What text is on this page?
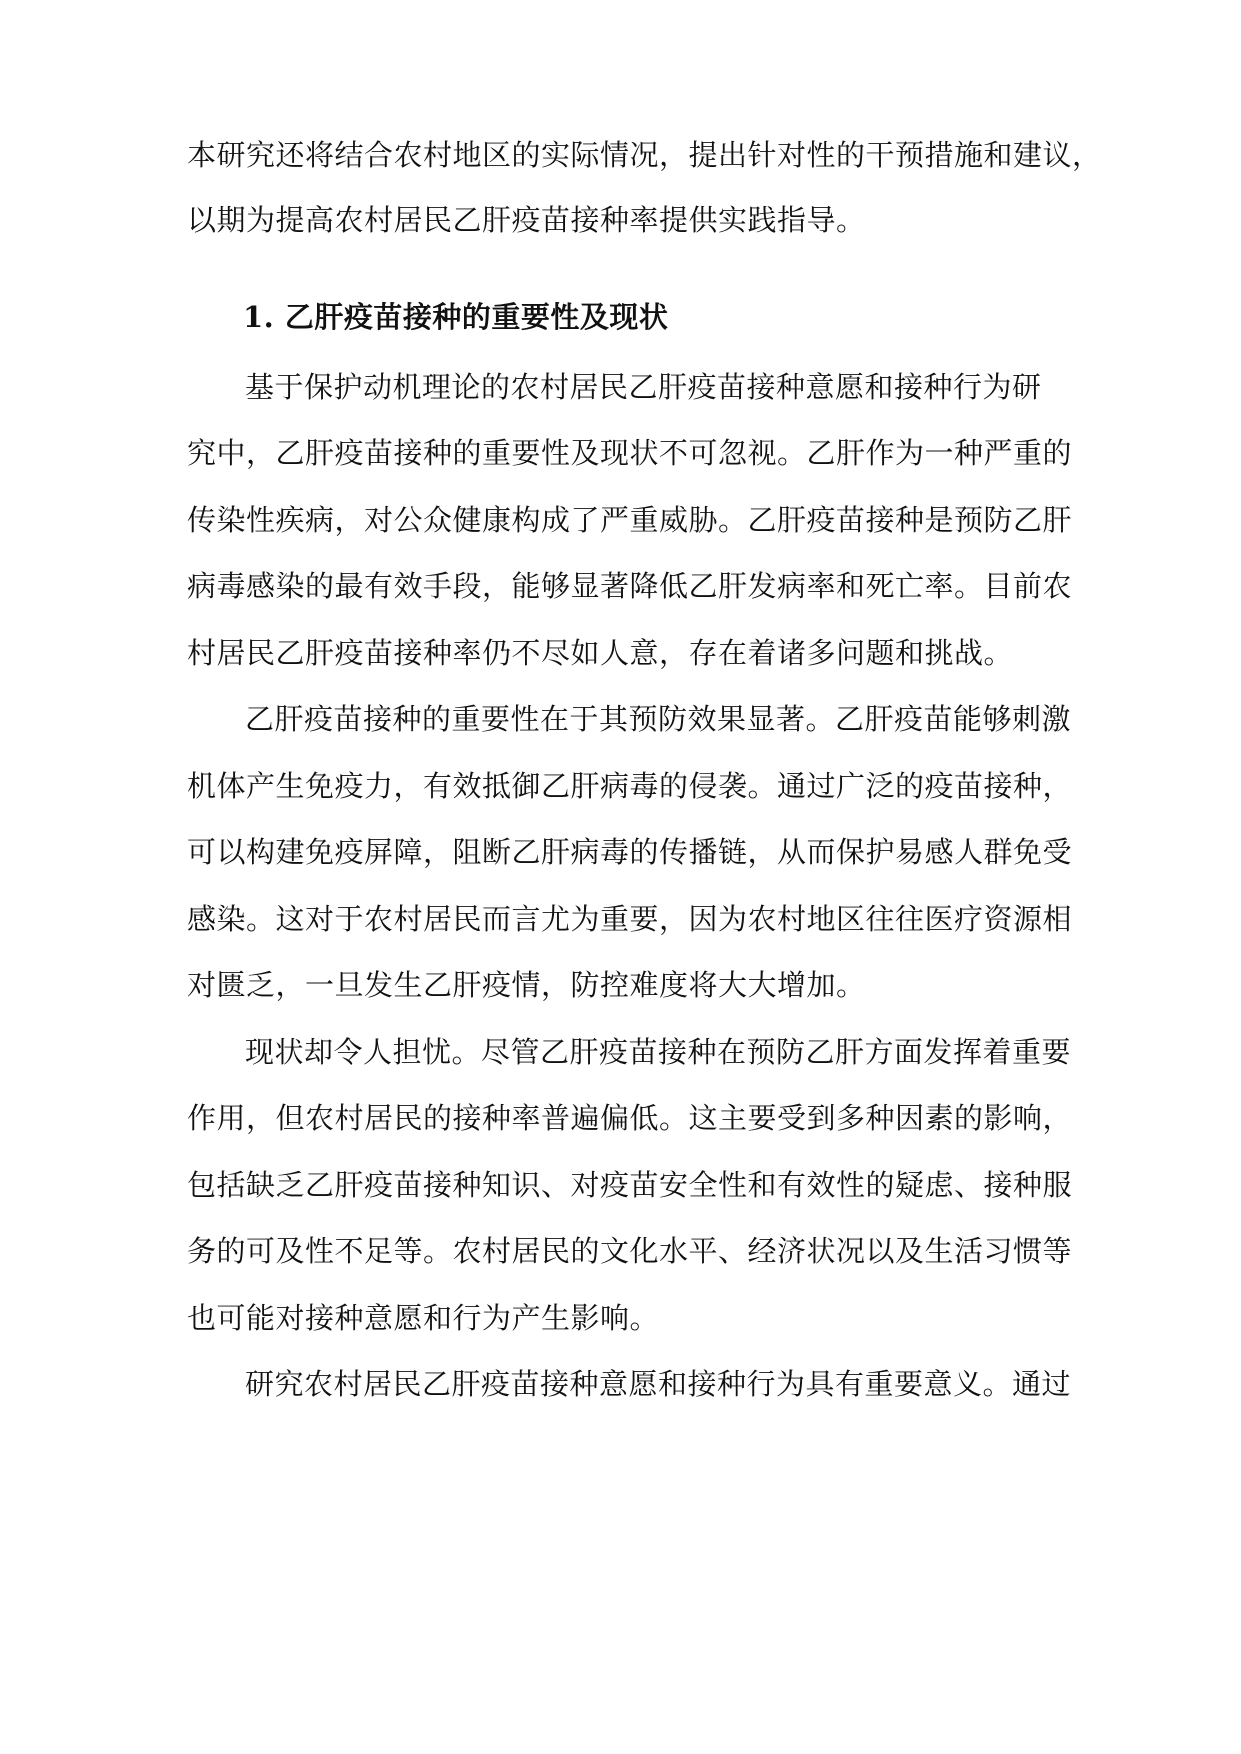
本研究还将结合农村地区的实际情况，提出针对性的干预措施和建议，
以期为提高农村居民乙肝疫苗接种率提供实践指导。
1. 乙肝疫苗接种的重要性及现状
基于保护动机理论的农村居民乙肝疫苗接种意愿和接种行为研
究中，乙肝疫苗接种的重要性及现状不可忽视。乙肝作为一种严重的
传染性疾病，对公众健康构成了严重威胁。乙肝疫苗接种是预防乙肝
病毒感染的最有效手段，能够显著降低乙肝发病率和死亡率。目前农
村居民乙肝疫苗接种率仍不尽如人意，存在着诸多问题和挑战。
乙肝疫苗接种的重要性在于其预防效果显著。乙肝疫苗能够刺激
机体产生免疫力，有效抵御乙肝病毒的侵袭。通过广泛的疫苗接种，
可以构建免疫屏障，阻断乙肝病毒的传播链，从而保护易感人群免受
感染。这对于农村居民而言尤为重要，因为农村地区往往医疗资源相
对匮乏，一旦发生乙肝疫情，防控难度将大大增加。
现状却令人担忧。尽管乙肝疫苗接种在预防乙肝方面发挥着重要
作用，但农村居民的接种率普遍偏低。这主要受到多种因素的影响，
包括缺乏乙肝疫苗接种知识、对疫苗安全性和有效性的疑虑、接种服
务的可及性不足等。农村居民的文化水平、经济状况以及生活习惯等
也可能对接种意愿和行为产生影响。
研究农村居民乙肝疫苗接种意愿和接种行为具有重要意义。通过
